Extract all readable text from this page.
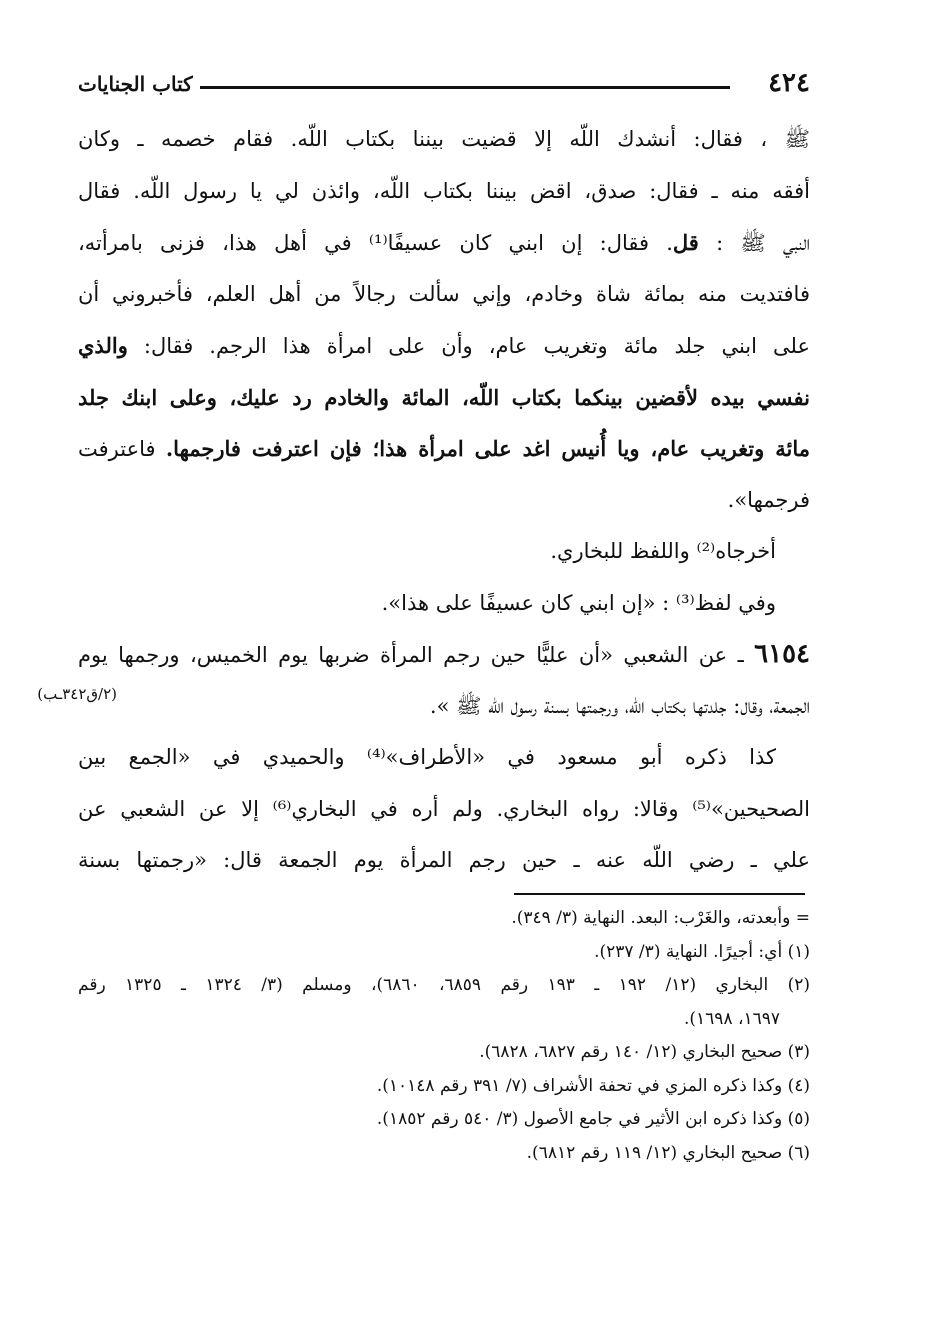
٤٢٤
كتاب الجنايات
ﷺ ، فقال: أنشدك اللّه إلا قضيت بيننا بكتاب اللّه. فقام خصمه ـ وكان
أفقه منه ـ فقال: صدق، اقض بيننا بكتاب اللّه، وائذن لي يا رسول اللّه. فقال
النبي ﷺ : قل. فقال: إن ابني كان عسيفًا⁽¹⁾ في أهل هذا، فزنى بامرأته،
فافتديت منه بمائة شاة وخادم، وإني سألت رجالاً من أهل العلم، فأخبروني أن
على ابني جلد مائة وتغريب عام، وأن على امرأة هذا الرجم. فقال: والذي
نفسي بيده لأقضين بينكما بكتاب اللّه، المائة والخادم رد عليك، وعلى ابنك جلد
مائة وتغريب عام، ويا أُنيس اغد على امرأة هذا؛ فإن اعترفت فارجمها. فاعترفت
فرجمها».
أخرجاه⁽²⁾ واللفظ للبخاري.
وفي لفظ⁽³⁾ : «إن ابني كان عسيفًا على هذا».
٦١٥٤ ـ عن الشعبي «أن عليًّا حين رجم المرأة ضربها يوم الخميس، ورجمها يوم
الجمعة، وقال: جلدتها بكتاب اللّه، ورجمتها بسنة رسول اللّه ﷺ ».
كذا ذكره أبو مسعود في «الأطراف»⁽⁴⁾ والحميدي في «الجمع بين
الصحيحين»⁽⁵⁾ وقالا: رواه البخاري. ولم أره في البخاري⁽⁶⁾ إلا عن الشعبي عن
علي ـ رضي اللّه عنه ـ حين رجم المرأة يوم الجمعة قال: «رجمتها بسنة
(٢/ق٣٤٢ـب)
= وأبعدته، والغَرْب: البعد. النهاية (٣/ ٣٤٩).
(١) أي: أجيرًا. النهاية (٣/ ٢٣٧).
(٢) البخاري (١٢/ ١٩٢ ـ ١٩٣ رقم ٦٨٥٩، ٦٨٦٠)، ومسلم (٣/ ١٣٢٤ ـ ١٣٢٥ رقم
١٦٩٧، ١٦٩٨).
(٣) صحيح البخاري (١٢/ ١٤٠ رقم ٦٨٢٧، ٦٨٢٨).
(٤) وكذا ذكره المزي في تحفة الأشراف (٧/ ٣٩١ رقم ١٠١٤٨).
(٥) وكذا ذكره ابن الأثير في جامع الأصول (٣/ ٥٤٠ رقم ١٨٥٢).
(٦) صحيح البخاري (١٢/ ١١٩ رقم ٦٨١٢).
